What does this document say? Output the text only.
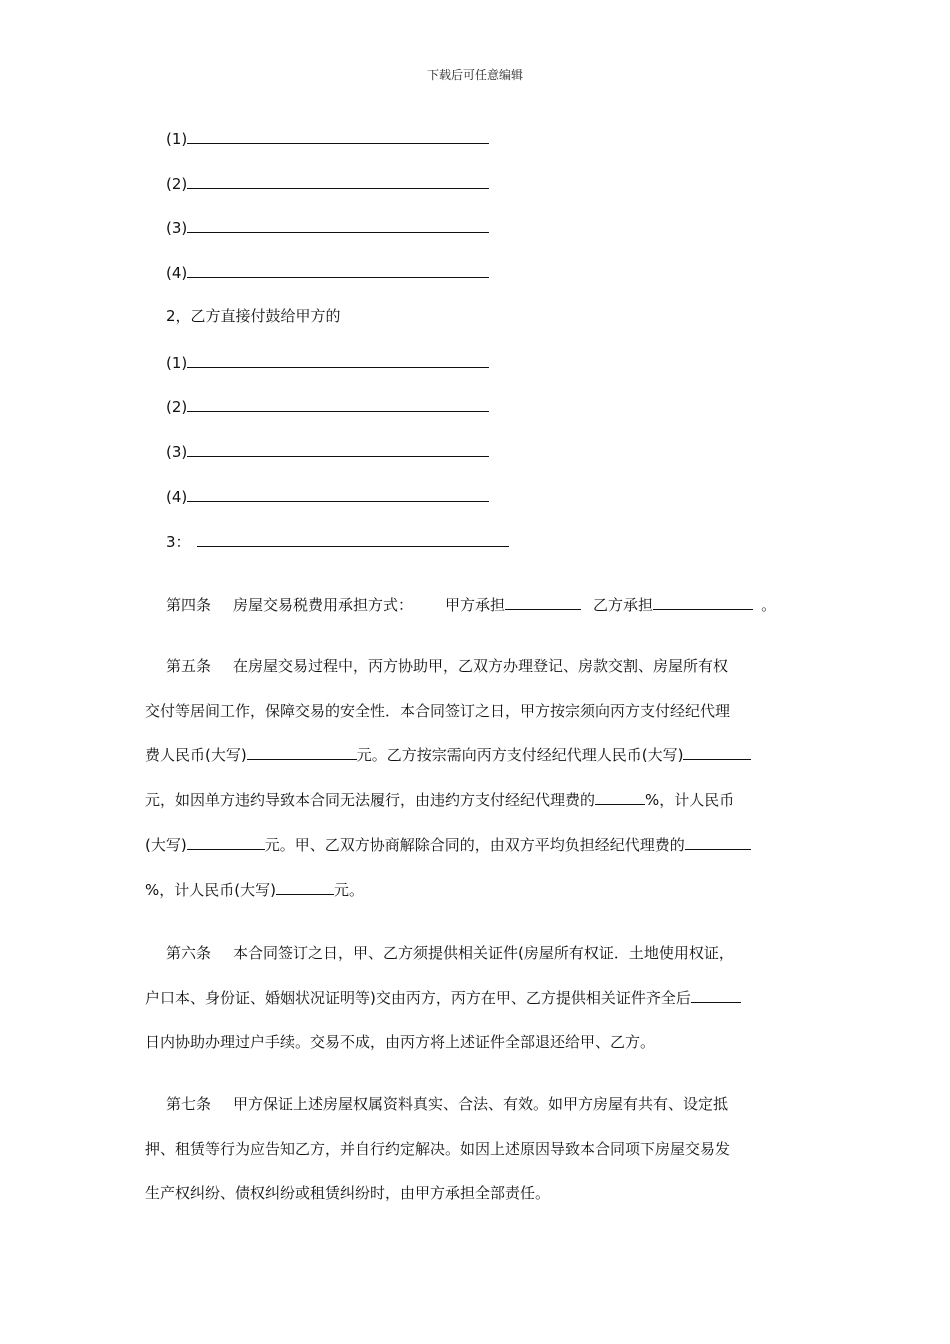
下载后可任意编辑
(1)
(2)
(3)
(4)
2，乙方直接付鼓给甲方的
(1)
(2)
(3)
(4)
3：
第四条 房屋交易税费用承担方式： 甲方承担	乙方承担	。

第五条 在房屋交易过程中，丙方协助甲，乙双方办理登记、房款交割、房屋所有权

交付等居间工作，保障交易的安全性．本合同签订之日，甲方按宗须向丙方支付经纪代理

费人民币(大写)	元。乙方按宗需向丙方支付经纪代理人民币(大写)

元，如因单方违约导致本合同无法履行，由违约方支付经纪代理费的	%，计人民币

(大写)	元。甲、乙双方协商解除合同的，由双方平均负担经纪代理费的

%，计人民币(大写)	元。

第六条 本合同签订之日，甲、乙方须提供相关证件(房屋所有权证．土地使用权证，

户口本、身份证、婚姻状况证明等)交由丙方，丙方在甲、乙方提供相关证件齐全后

日内协助办理过户手续。交易不成，由丙方将上述证件全部退还给甲、乙方。

第七条 甲方保证上述房屋权属资料真实、合法、有效。如甲方房屋有共有、设定抵

押、租赁等行为应告知乙方，并自行约定解决。如因上述原因导致本合同项下房屋交易发

生产权纠纷、债权纠纷或租赁纠纷时，由甲方承担全部责任。
